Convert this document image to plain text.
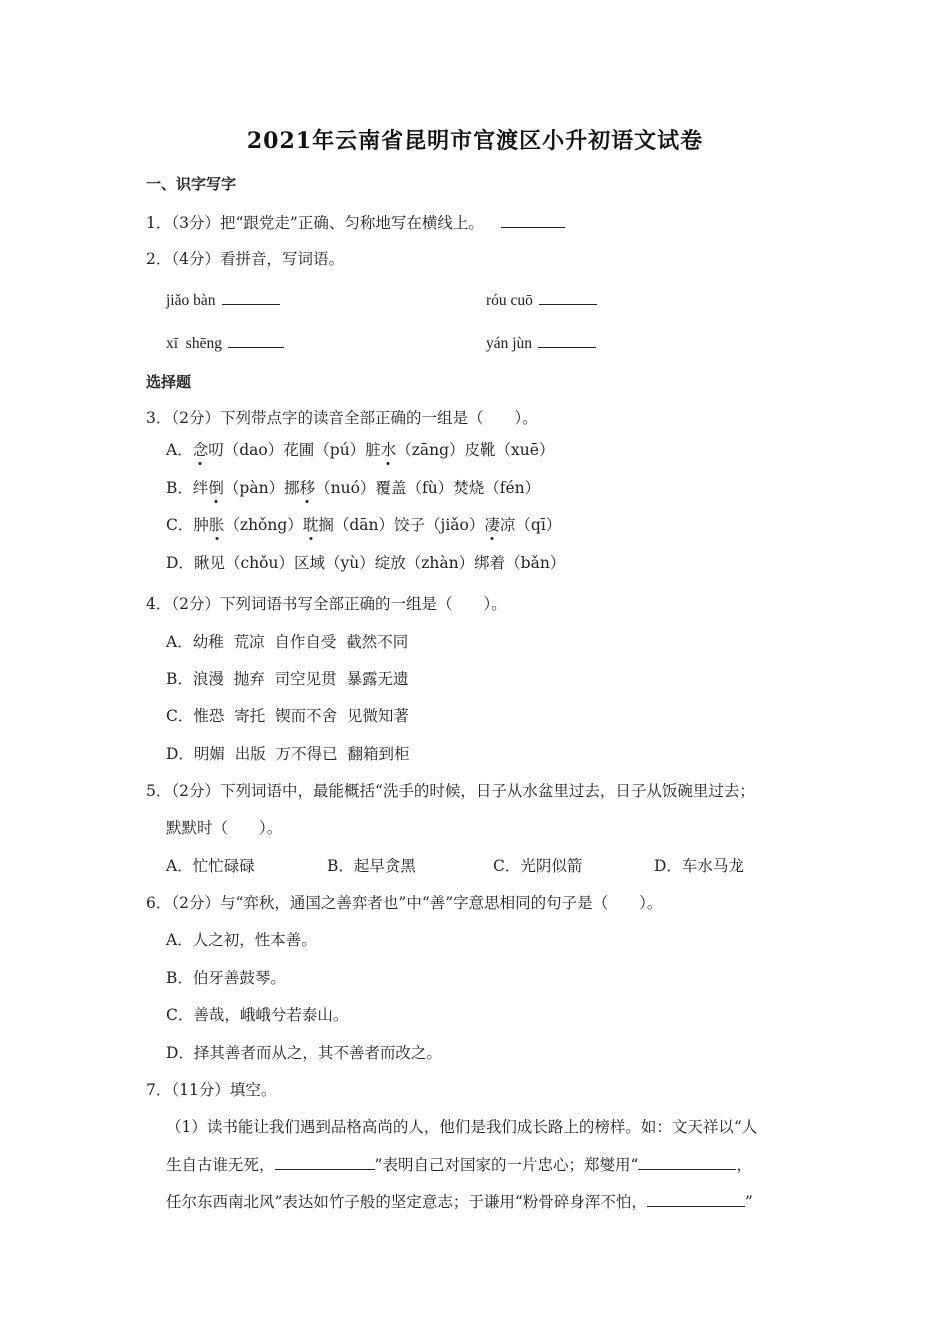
2021年云南省昆明市官渡区小升初语文试卷
一、识字写字
1．（3分）把“跟党走”正确、匀称地写在横线上。
2．（4分）看拼音，写词语。
jiǎo bàn	róu cuō
xī  shēng	yán jùn
选择题
3．（2分）下列带点字的读音全部正确的一组是（　　）。
A．念叨（dao）花圃（pú）脏水（zāng）皮靴（xuē）
B．绊倒（pàn）挪移（nuó）覆盖（fù）焚烧（fén）
C．肿胀（zhǒng）耽搁（dān）饺子（jiǎo）凄凉（qī）
D．瞅见（chǒu）区域（yù）绽放（zhàn）绑着（bǎn）
4．（2分）下列词语书写全部正确的一组是（　　）。
A．幼稚  荒凉  自作自受  截然不同
B．浪漫  抛弃  司空见贯  暴露无遗
C．惟恐  寄托  锲而不舍  见微知著
D．明媚  出版  万不得已  翻箱到柜
5．（2分）下列词语中，最能概括“洗手的时候，日子从水盆里过去，日子从饭碗里过去；
默默时（　　）。
A．忙忙碌碌	B．起早贪黑	C．光阴似箭	D．车水马龙
6．（2分）与“弈秋，通国之善弈者也”中“善”字意思相同的句子是（　　）。
A．人之初，性本善。
B．伯牙善鼓琴。
C．善哉，峨峨兮若泰山。
D．择其善者而从之，其不善者而改之。
7．（11分）填空。
（1）读书能让我们遇到品格高尚的人，他们是我们成长路上的榜样。如：文天祥以“人
生自古谁无死，	”表明自己对国家的一片忠心；郑燮用“	，
任尔东西南北风”表达如竹子般的坚定意志；于谦用“粉骨碎身浑不怕，	”
